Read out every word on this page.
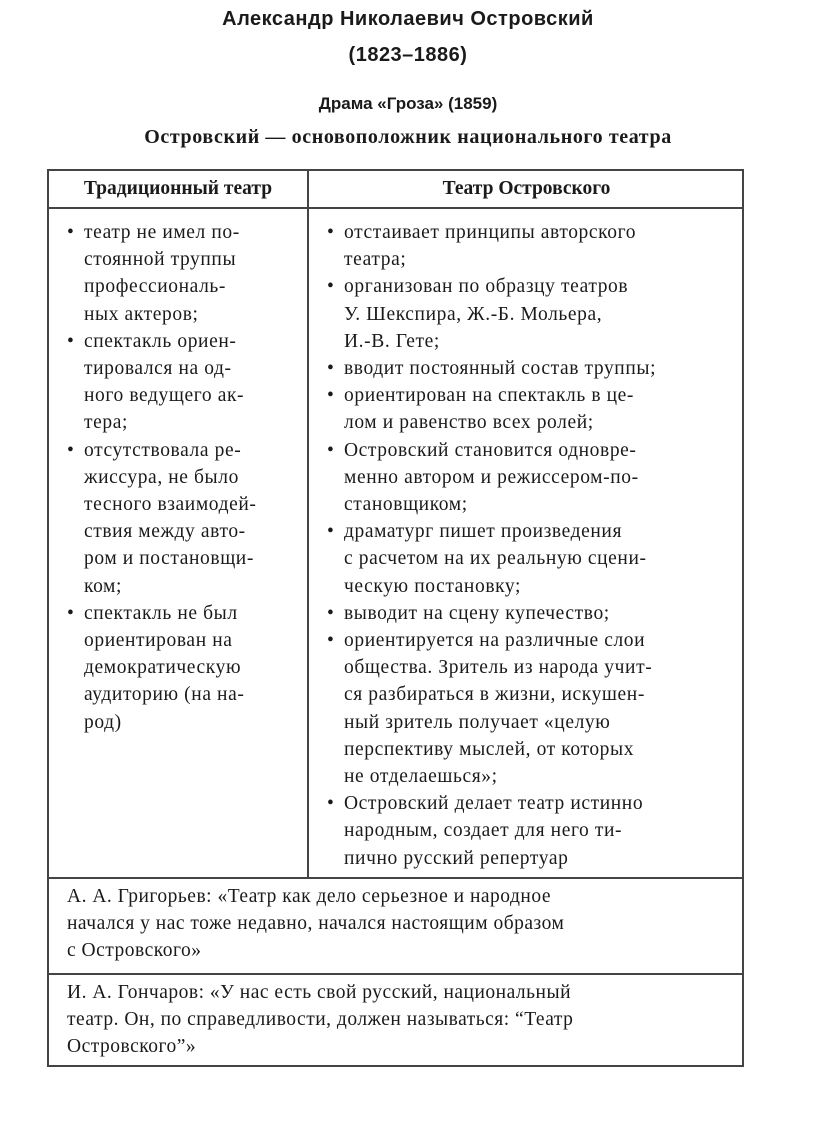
Александр Николаевич Островский
(1823–1886)
Драма «Гроза» (1859)
Островский — основоположник национального театра
Традиционный театр	Театр Островского
• театр не имел по-
стоянной труппы
профессиональ-
ных актеров;
• спектакль ориен-
тировался на од-
ного ведущего ак-
тера;
• отсутствовала ре-
жиссура, не было
тесного взаимодей-
ствия между авто-
ром и постановщи-
ком;
• спектакль не был
ориентирован на
демократическую
аудиторию (на на-
род)
• отстаивает принципы авторского
театра;
• организован по образцу театров
У. Шекспира, Ж.-Б. Мольера,
И.-В. Гете;
• вводит постоянный состав труппы;
• ориентирован на спектакль в це-
лом и равенство всех ролей;
• Островский становится одновре-
менно автором и режиссером-по-
становщиком;
• драматург пишет произведения
с расчетом на их реальную сцени-
ческую постановку;
• выводит на сцену купечество;
• ориентируется на различные слои
общества. Зритель из народа учит-
ся разбираться в жизни, искушен-
ный зритель получает «целую
перспективу мыслей, от которых
не отделаешься»;
• Островский делает театр истинно
народным, создает для него ти-
пично русский репертуар
А. А. Григорьев: «Театр как дело серьезное и народное
начался у нас тоже недавно, начался настоящим образом
с Островского»
И. А. Гончаров: «У нас есть свой русский, национальный
театр. Он, по справедливости, должен называться: “Театр
Островского”»
